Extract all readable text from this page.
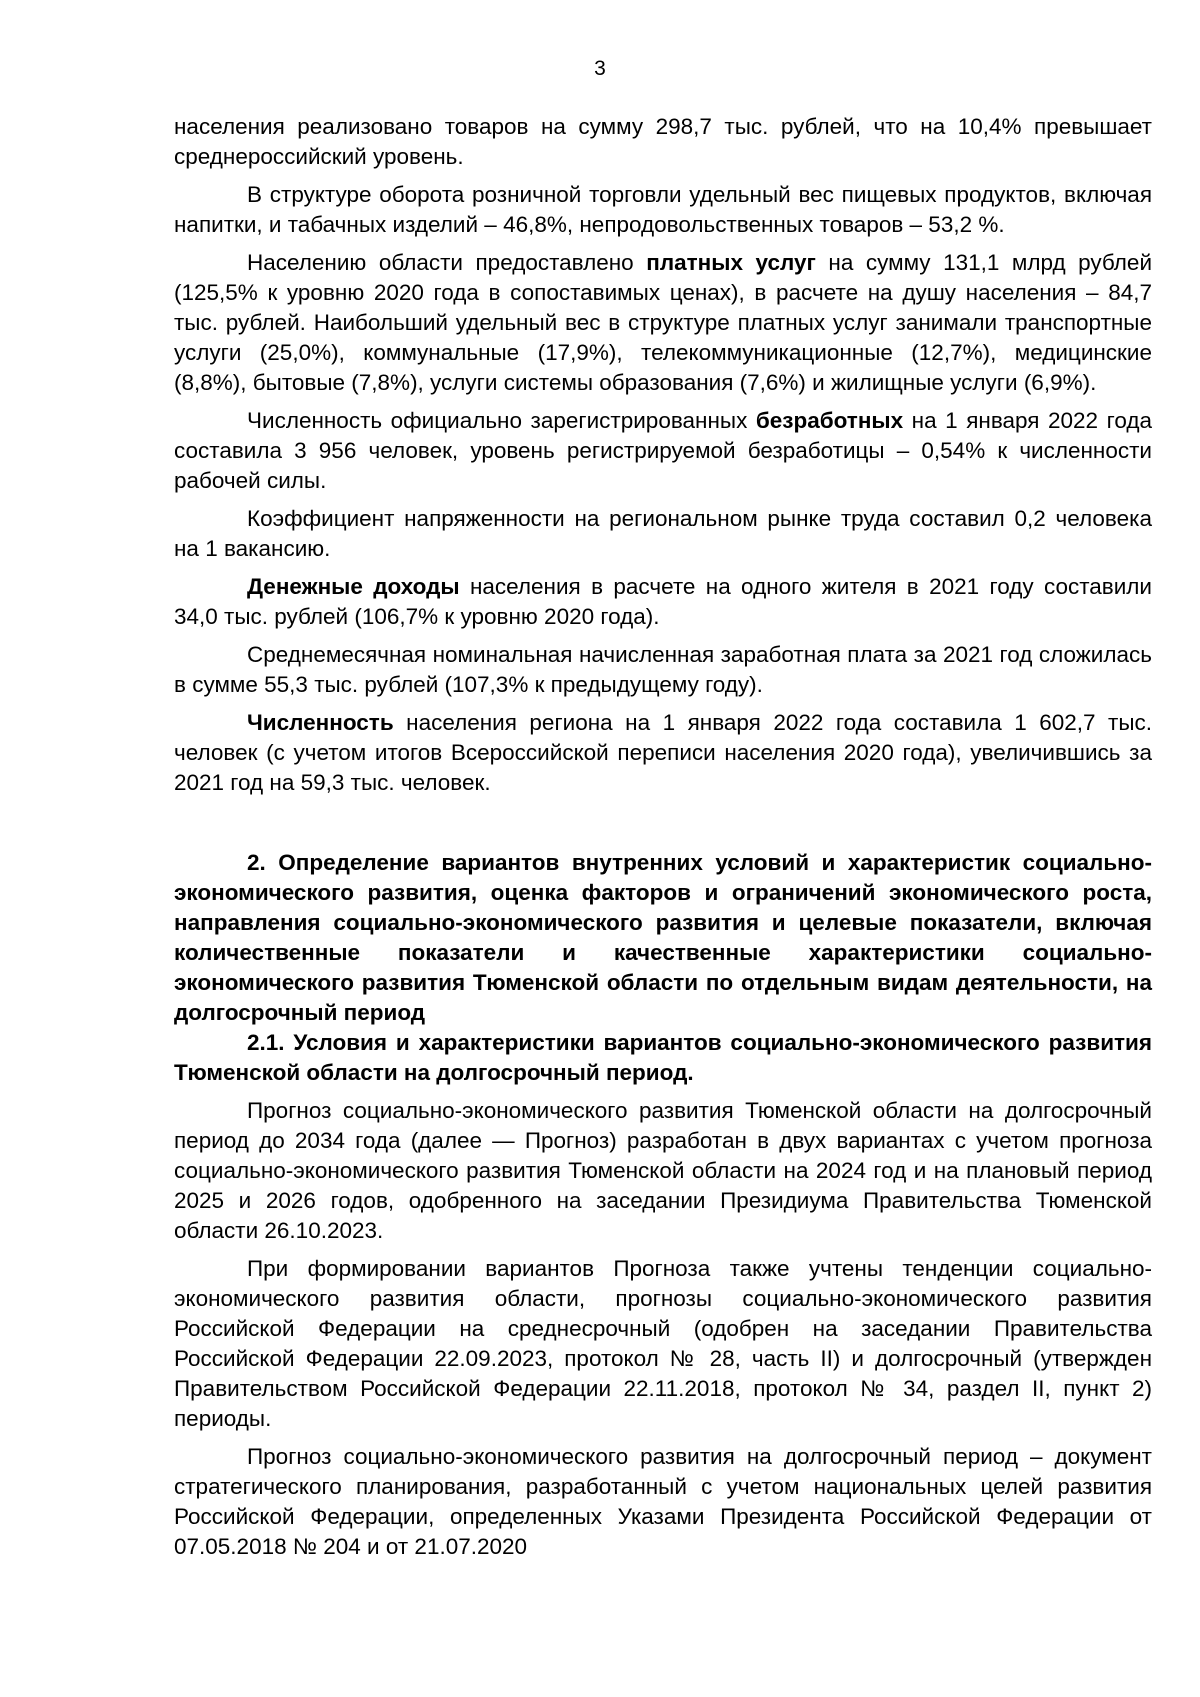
3

населения реализовано товаров на сумму 298,7 тыс. рублей, что на 10,4% превышает среднероссийский уровень.

В структуре оборота розничной торговли удельный вес пищевых продуктов, включая напитки, и табачных изделий – 46,8%, непродовольственных товаров – 53,2 %.

Населению области предоставлено платных услуг на сумму 131,1 млрд рублей (125,5% к уровню 2020 года в сопоставимых ценах), в расчете на душу населения – 84,7 тыс. рублей. Наибольший удельный вес в структуре платных услуг занимали транспортные услуги (25,0%), коммунальные (17,9%), телекоммуникационные (12,7%), медицинские (8,8%), бытовые (7,8%), услуги системы образования (7,6%) и жилищные услуги (6,9%).

Численность официально зарегистрированных безработных на 1 января 2022 года составила 3 956 человек, уровень регистрируемой безработицы – 0,54% к численности рабочей силы.

Коэффициент напряженности на региональном рынке труда составил 0,2 человека на 1 вакансию.

Денежные доходы населения в расчете на одного жителя в 2021 году составили 34,0 тыс. рублей (106,7% к уровню 2020 года).

Среднемесячная номинальная начисленная заработная плата за 2021 год сложилась в сумме 55,3 тыс. рублей (107,3% к предыдущему году).

Численность населения региона на 1 января 2022 года составила 1 602,7 тыс. человек (с учетом итогов Всероссийской переписи населения 2020 года), увеличившись за 2021 год на 59,3 тыс. человек.

2. Определение вариантов внутренних условий и характеристик социально-экономического развития, оценка факторов и ограничений экономического роста, направления социально-экономического развития и целевые показатели, включая количественные показатели и качественные характеристики социально-экономического развития Тюменской области по отдельным видам деятельности, на долгосрочный период

2.1. Условия и характеристики вариантов социально-экономического развития Тюменской области на долгосрочный период.

Прогноз социально-экономического развития Тюменской области на долгосрочный период до 2034 года (далее — Прогноз) разработан в двух вариантах с учетом прогноза социально-экономического развития Тюменской области на 2024 год и на плановый период 2025 и 2026 годов, одобренного на заседании Президиума Правительства Тюменской области 26.10.2023.

При формировании вариантов Прогноза также учтены тенденции социально-экономического развития области, прогнозы социально-экономического развития Российской Федерации на среднесрочный (одобрен на заседании Правительства Российской Федерации 22.09.2023, протокол № 28, часть II) и долгосрочный (утвержден Правительством Российской Федерации 22.11.2018, протокол № 34, раздел II, пункт 2) периоды.

Прогноз социально-экономического развития на долгосрочный период – документ стратегического планирования, разработанный с учетом национальных целей развития Российской Федерации, определенных Указами Президента Российской Федерации от 07.05.2018 № 204 и от 21.07.2020
